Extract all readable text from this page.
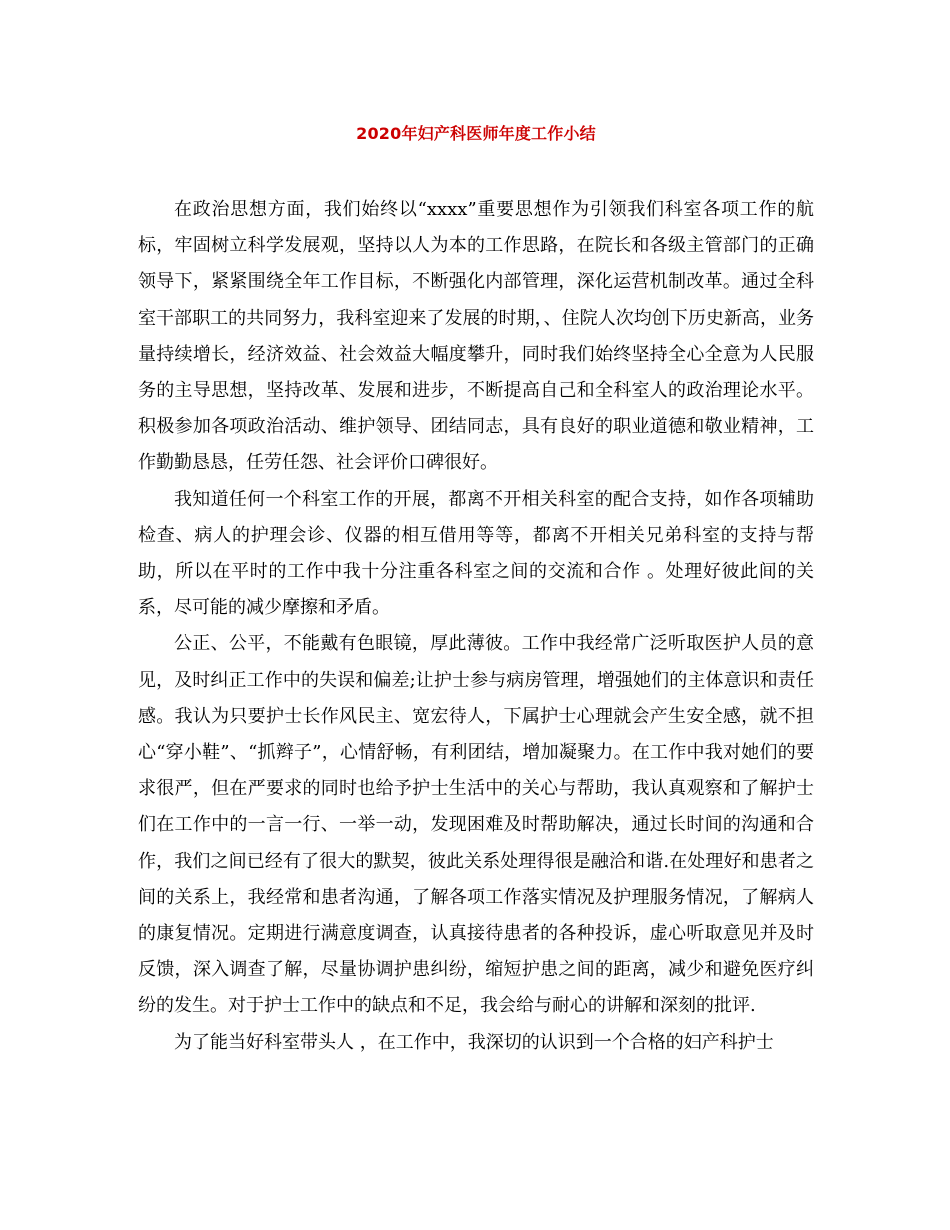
2020年妇产科医师年度工作小结

在政治思想方面，我们始终以“xxxx”重要思想作为引领我们科室各项工作的航标，牢固树立科学发展观，坚持以人为本的工作思路，在院长和各级主管部门的正确领导下，紧紧围绕全年工作目标，不断强化内部管理，深化运营机制改革。通过全科室干部职工的共同努力，我科室迎来了发展的时期，、住院人次均创下历史新高，业务量持续增长，经济效益、社会效益大幅度攀升，同时我们始终坚持全心全意为人民服务的主导思想，坚持改革、发展和进步，不断提高自己和全科室人的政治理论水平。积极参加各项政治活动、维护领导、团结同志，具有良好的职业道德和敬业精神，工作勤勤恳恳，任劳任怨、社会评价口碑很好。

我知道任何一个科室工作的开展，都离不开相关科室的配合支持，如作各项辅助检查、病人的护理会诊、仪器的相互借用等等，都离不开相关兄弟科室的支持与帮助，所以在平时的工作中我十分注重各科室之间的交流和合作 。处理好彼此间的关系，尽可能的减少摩擦和矛盾。

公正、公平，不能戴有色眼镜，厚此薄彼。工作中我经常广泛听取医护人员的意见，及时纠正工作中的失误和偏差;让护士参与病房管理，增强她们的主体意识和责任感。我认为只要护士长作风民主、宽宏待人，下属护士心理就会产生安全感，就不担心“穿小鞋”、“抓辫子”，心情舒畅，有利团结，增加凝聚力。在工作中我对她们的要求很严，但在严要求的同时也给予护士生活中的关心与帮助，我认真观察和了解护士们在工作中的一言一行、一举一动，发现困难及时帮助解决，通过长时间的沟通和合作，我们之间已经有了很大的默契，彼此关系处理得很是融洽和谐.在处理好和患者之间的关系上，我经常和患者沟通，了解各项工作落实情况及护理服务情况，了解病人的康复情况。定期进行满意度调查，认真接待患者的各种投诉，虚心听取意见并及时反馈，深入调查了解，尽量协调护患纠纷，缩短护患之间的距离，减少和避免医疗纠纷的发生。对于护士工作中的缺点和不足，我会给与耐心的讲解和深刻的批评.

为了能当好科室带头人 ，在工作中，我深切的认识到一个合格的妇产科护士
